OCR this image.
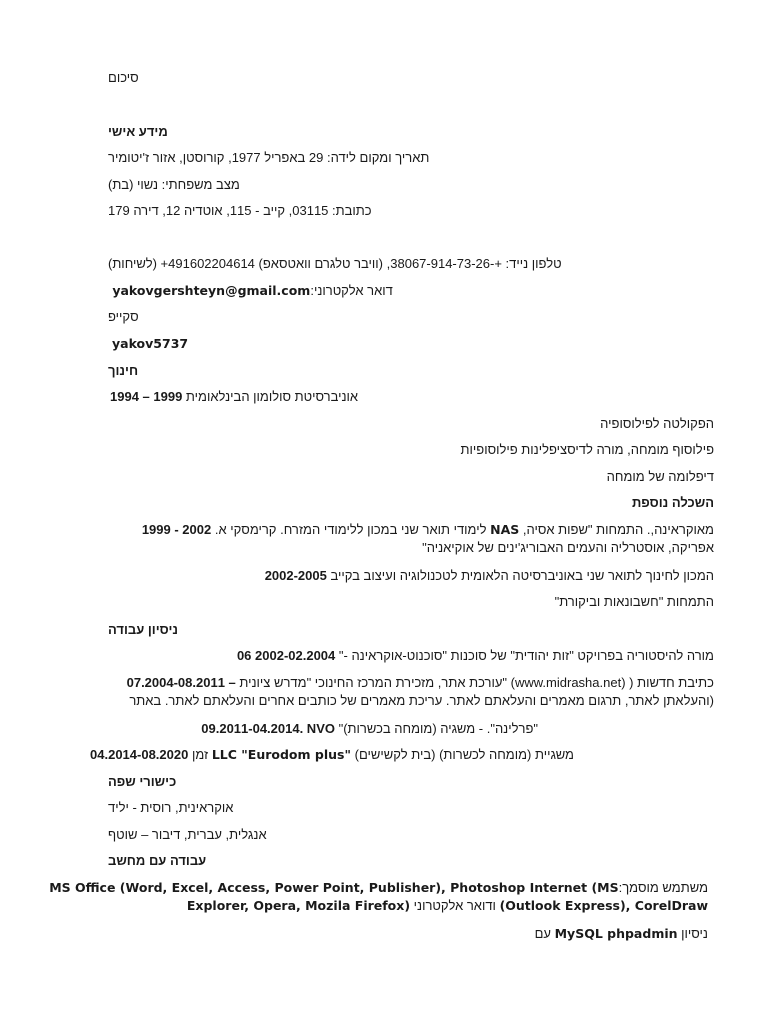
סיכום
מידע אישי
תאריך ומקום לידה: 29 באפריל 1977, קורוסטן, אזור ז'יטומיר
מצב משפחתי: נשוי (בת)
כתובת: 03115, קייב - 115, אוטדיה 12, דירה 179
טלפון נייד: +-38067-914-73-26, (וויבר טלגרם וואטסאפ) 491602204614+ (לשיחות)
דואר אלקטרוני: yakovgershteyn@gmail.com
סקייפ
yakov5737
חינוך
אוניברסיטת סולומון הבינלאומית 1994 – 1999
הפקולטה לפילוסופיה
פילוסוף מומחה, מורה לדיסציפלינות פילוסופיות
דיפלומה של מומחה
השכלה נוספת
מאוקראינה,. התמחות "שפות אסיה, NAS לימודי תואר שני במכון ללימודי המזרח. קרימסקי א. 1999 - 2002
אפריקה, אוסטרליה והעמים האבוריג'ינים של אוקיאניה"
המכון לחינוך לתואר שני באוניברסיטה הלאומית לטכנולוגיה ועיצוב בקייב 2002-2005
התמחות "חשבונאות וביקורת"
ניסיון עבודה
מורה להיסטוריה בפרויקט "זות יהודית" של סוכנות "סוכנוט-אוקראינה -" 06 2002-02.2004
כתיבת חדשות ( (www.midrasha.net) "עורכת אתר, מזכירת המרכז החינוכי "מדרש ציונית 07.2004-08.2011 –
(והעלאתן לאתר, תרגום מאמרים והעלאתם לאתר. עריכת מאמרים של כותבים אחרים והעלאתם לאתר. באתר
"פרלינה". - משגיה (מומחה בכשרות)" 09.2011-04.2014. NVO
משגיית (מומחה לכשרות) (בית לקשישים) LLC "Eurodom plus" זמן 04.2014-08.2020
כישורי שפה
אוקראינית, רוסית - יליד
אנגלית, עברית, דיבור – שוטף
עבודה עם מחשב
משתמש מוסמך: MS Office (Word, Excel, Access, Power Point, Publisher), Photoshop Internet (MS
Explorer, Opera, Mozila Firefox) ודואר אלקטרוני (Outlook Express), CorelDraw
ניסיון MySQL phpadmin עם
